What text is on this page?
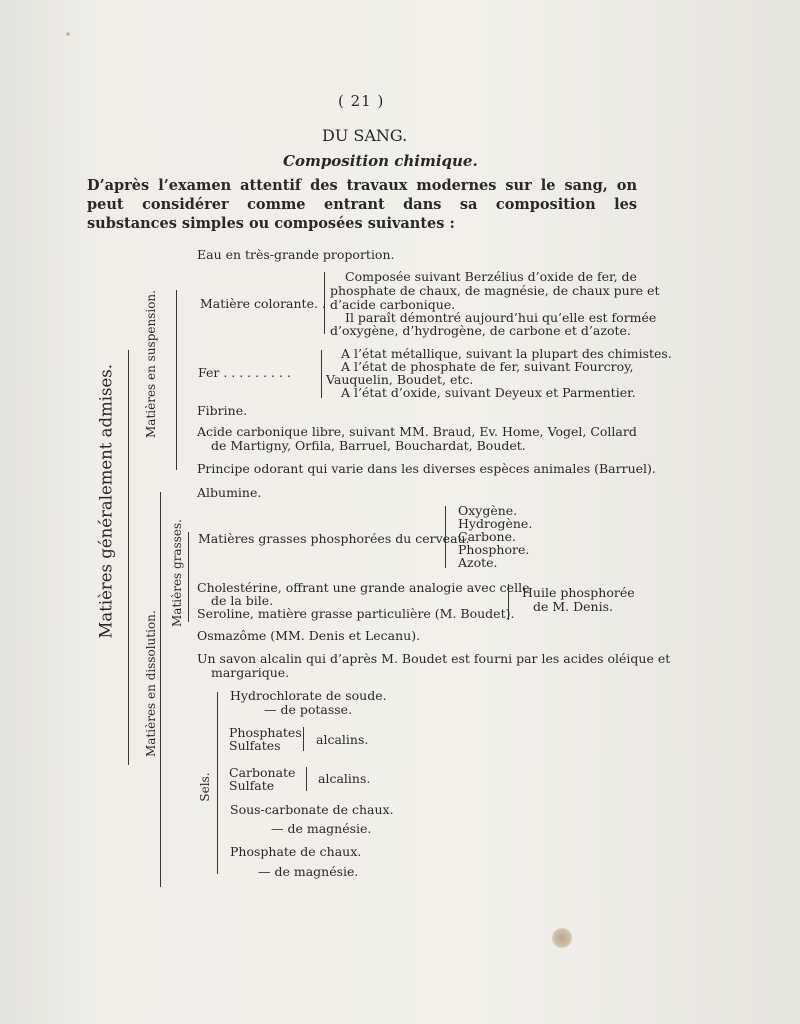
( 21 )
DU SANG.
Composition chimique.
D’après l’examen attentif des travaux modernes sur le sang, on peut considérer comme entrant dans sa composition les substances simples ou composées suivantes :
Matières généralement admises.
Matières en suspension.
Matières en dissolution.
Matières grasses.
Sels.
Eau en très-grande proportion.
Matière colorante. .
Composée suivant Berzélius d’oxide de fer, de
phosphate de chaux, de magnésie, de chaux pure et
d’acide carbonique.
Il paraît démontré aujourd’hui qu’elle est formée
d’oxygène, d’hydrogène, de carbone et d’azote.
Fer . . . . . . . . .
A l’état métallique, suivant la plupart des chimistes.
A l’état de phosphate de fer, suivant Fourcroy,
Vauquelin, Boudet, etc.
A l’état d’oxide, suivant Deyeux et Parmentier.
Fibrine.
Acide carbonique libre, suivant MM. Braud, Ev. Home, Vogel, Collard
de Martigny, Orfila, Barruel, Bouchardat, Boudet.
Principe odorant qui varie dans les diverses espèces animales (Barruel).
Albumine.
Matières grasses phosphorées du cerveau.
Oxygène.
Hydrogène.
Carbone.
Phosphore.
Azote.
Cholestérine, offrant une grande analogie avec celle
de la bile.
Seroline, matière grasse particulière (M. Boudet).
Huile phosphorée
de M. Denis.
Osmazôme (MM. Denis et Lecanu).
Un savon alcalin qui d’après M. Boudet est fourni par les acides oléique et
margarique.
Hydrochlorate de soude.
— de potasse.
Phosphates
Sulfates	alcalins.
Carbonate
Sulfate	alcalins.
Sous-carbonate de chaux.
— de magnésie.
Phosphate de chaux.
— de magnésie.
